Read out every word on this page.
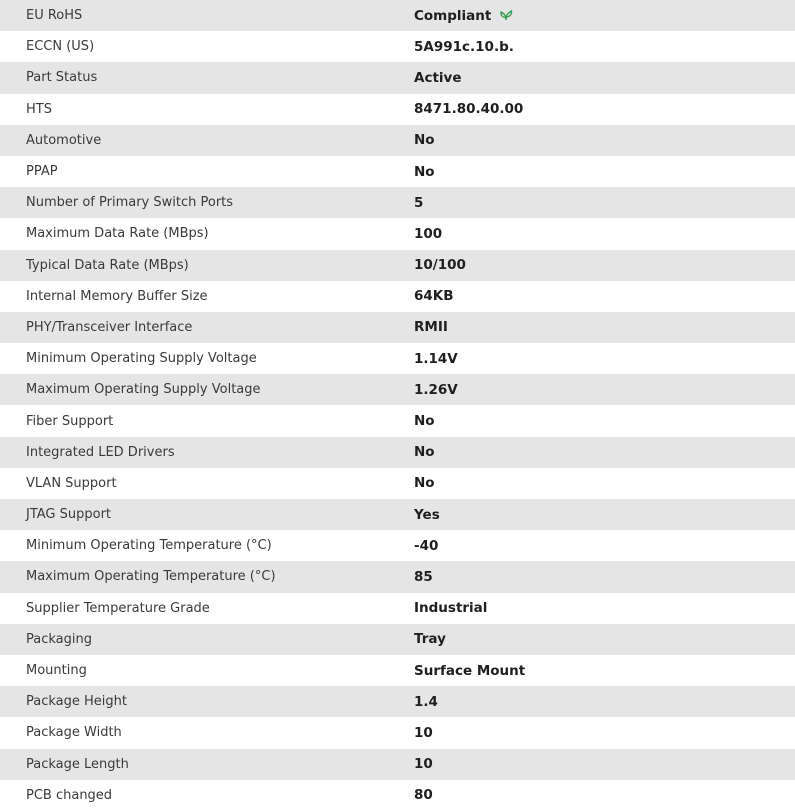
EU RoHS	Compliant
ECCN (US)	5A991c.10.b.
Part Status	Active
HTS	8471.80.40.00
Automotive	No
PPAP	No
Number of Primary Switch Ports	5
Maximum Data Rate (MBps)	100
Typical Data Rate (MBps)	10/100
Internal Memory Buffer Size	64KB
PHY/Transceiver Interface	RMII
Minimum Operating Supply Voltage	1.14V
Maximum Operating Supply Voltage	1.26V
Fiber Support	No
Integrated LED Drivers	No
VLAN Support	No
JTAG Support	Yes
Minimum Operating Temperature (°C)	-40
Maximum Operating Temperature (°C)	85
Supplier Temperature Grade	Industrial
Packaging	Tray
Mounting	Surface Mount
Package Height	1.4
Package Width	10
Package Length	10
PCB changed	80
